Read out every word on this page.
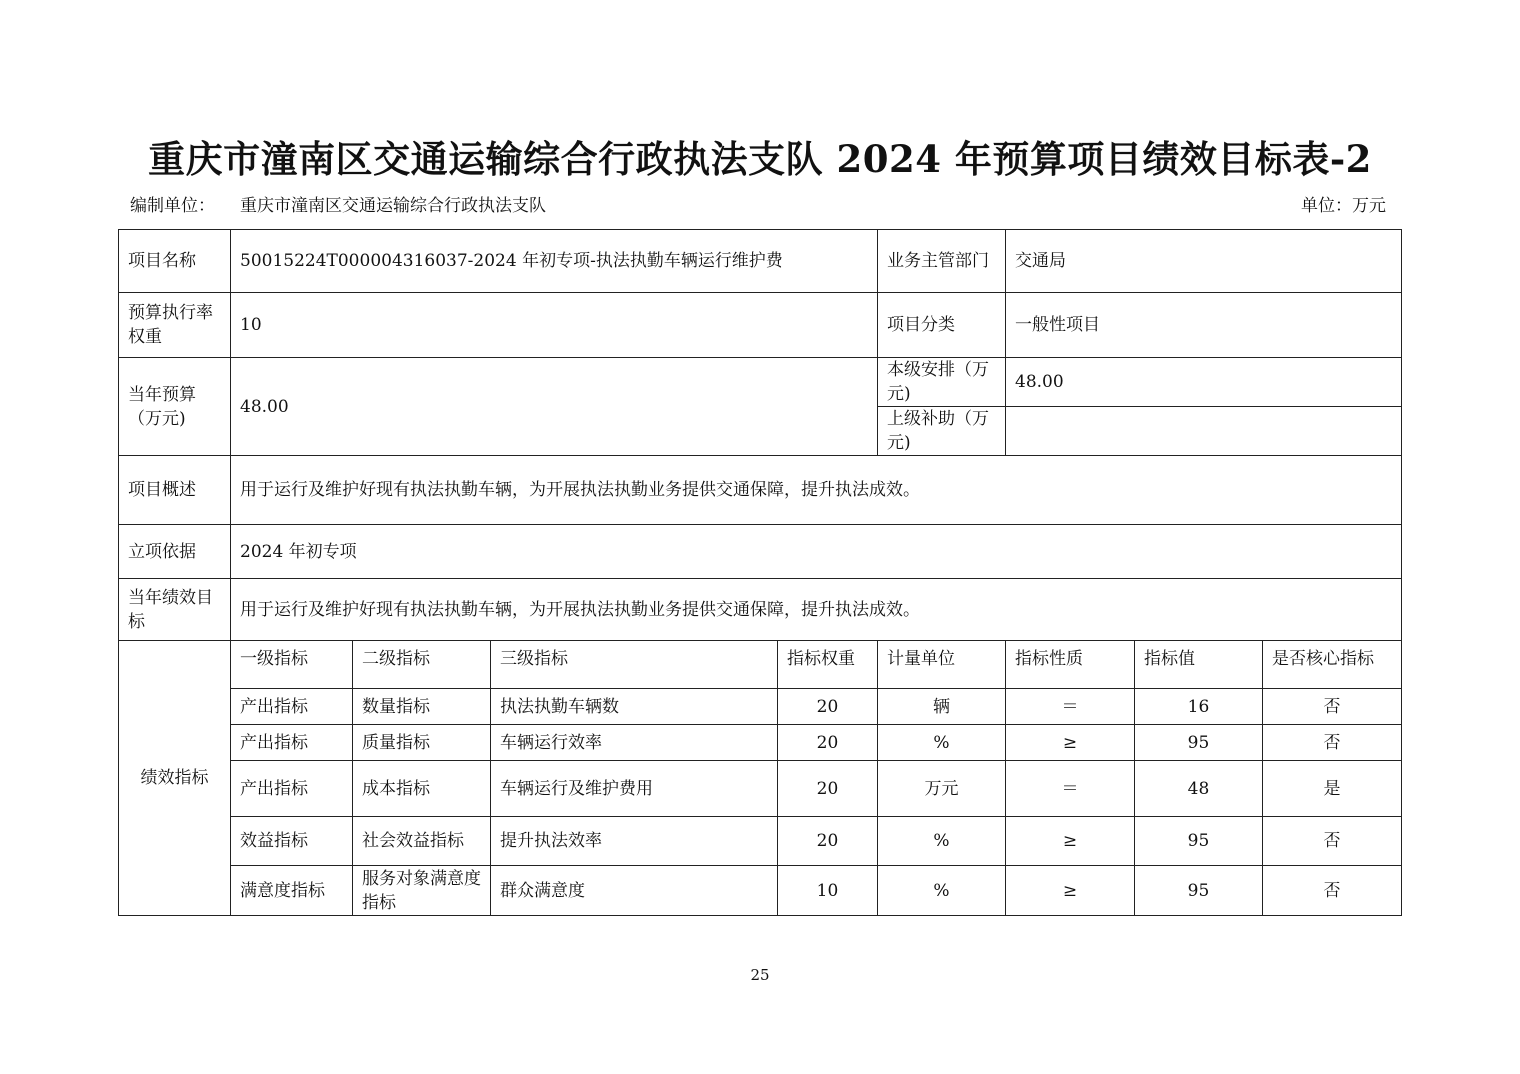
重庆市潼南区交通运输综合行政执法支队 2024 年预算项目绩效目标表-2
编制单位： 重庆市潼南区交通运输综合行政执法支队	单位：万元
项目名称	50015224T000004316037-2024 年初专项-执法执勤车辆运行维护费				业务主管部门	交通局		
预算执行率权重	10				项目分类	一般性项目		
当年预算（万元)	48.00				本级安排（万元)	48.00		
					上级补助（万元)			
项目概述	用于运行及维护好现有执法执勤车辆，为开展执法执勤业务提供交通保障，提升执法成效。							
立项依据	2024 年初专项							
当年绩效目标	用于运行及维护好现有执法执勤车辆，为开展执法执勤业务提供交通保障，提升执法成效。							
绩效指标	一级指标	二级指标	三级指标	指标权重	计量单位	指标性质	指标值	是否核心指标
	产出指标	数量指标	执法执勤车辆数	20	辆	＝	16	否
	产出指标	质量指标	车辆运行效率	20	%	≥	95	否
	产出指标	成本指标	车辆运行及维护费用	20	万元	＝	48	是
	效益指标	社会效益指标	提升执法效率	20	%	≥	95	否
	满意度指标	服务对象满意度指标	群众满意度	10	%	≥	95	否
25
